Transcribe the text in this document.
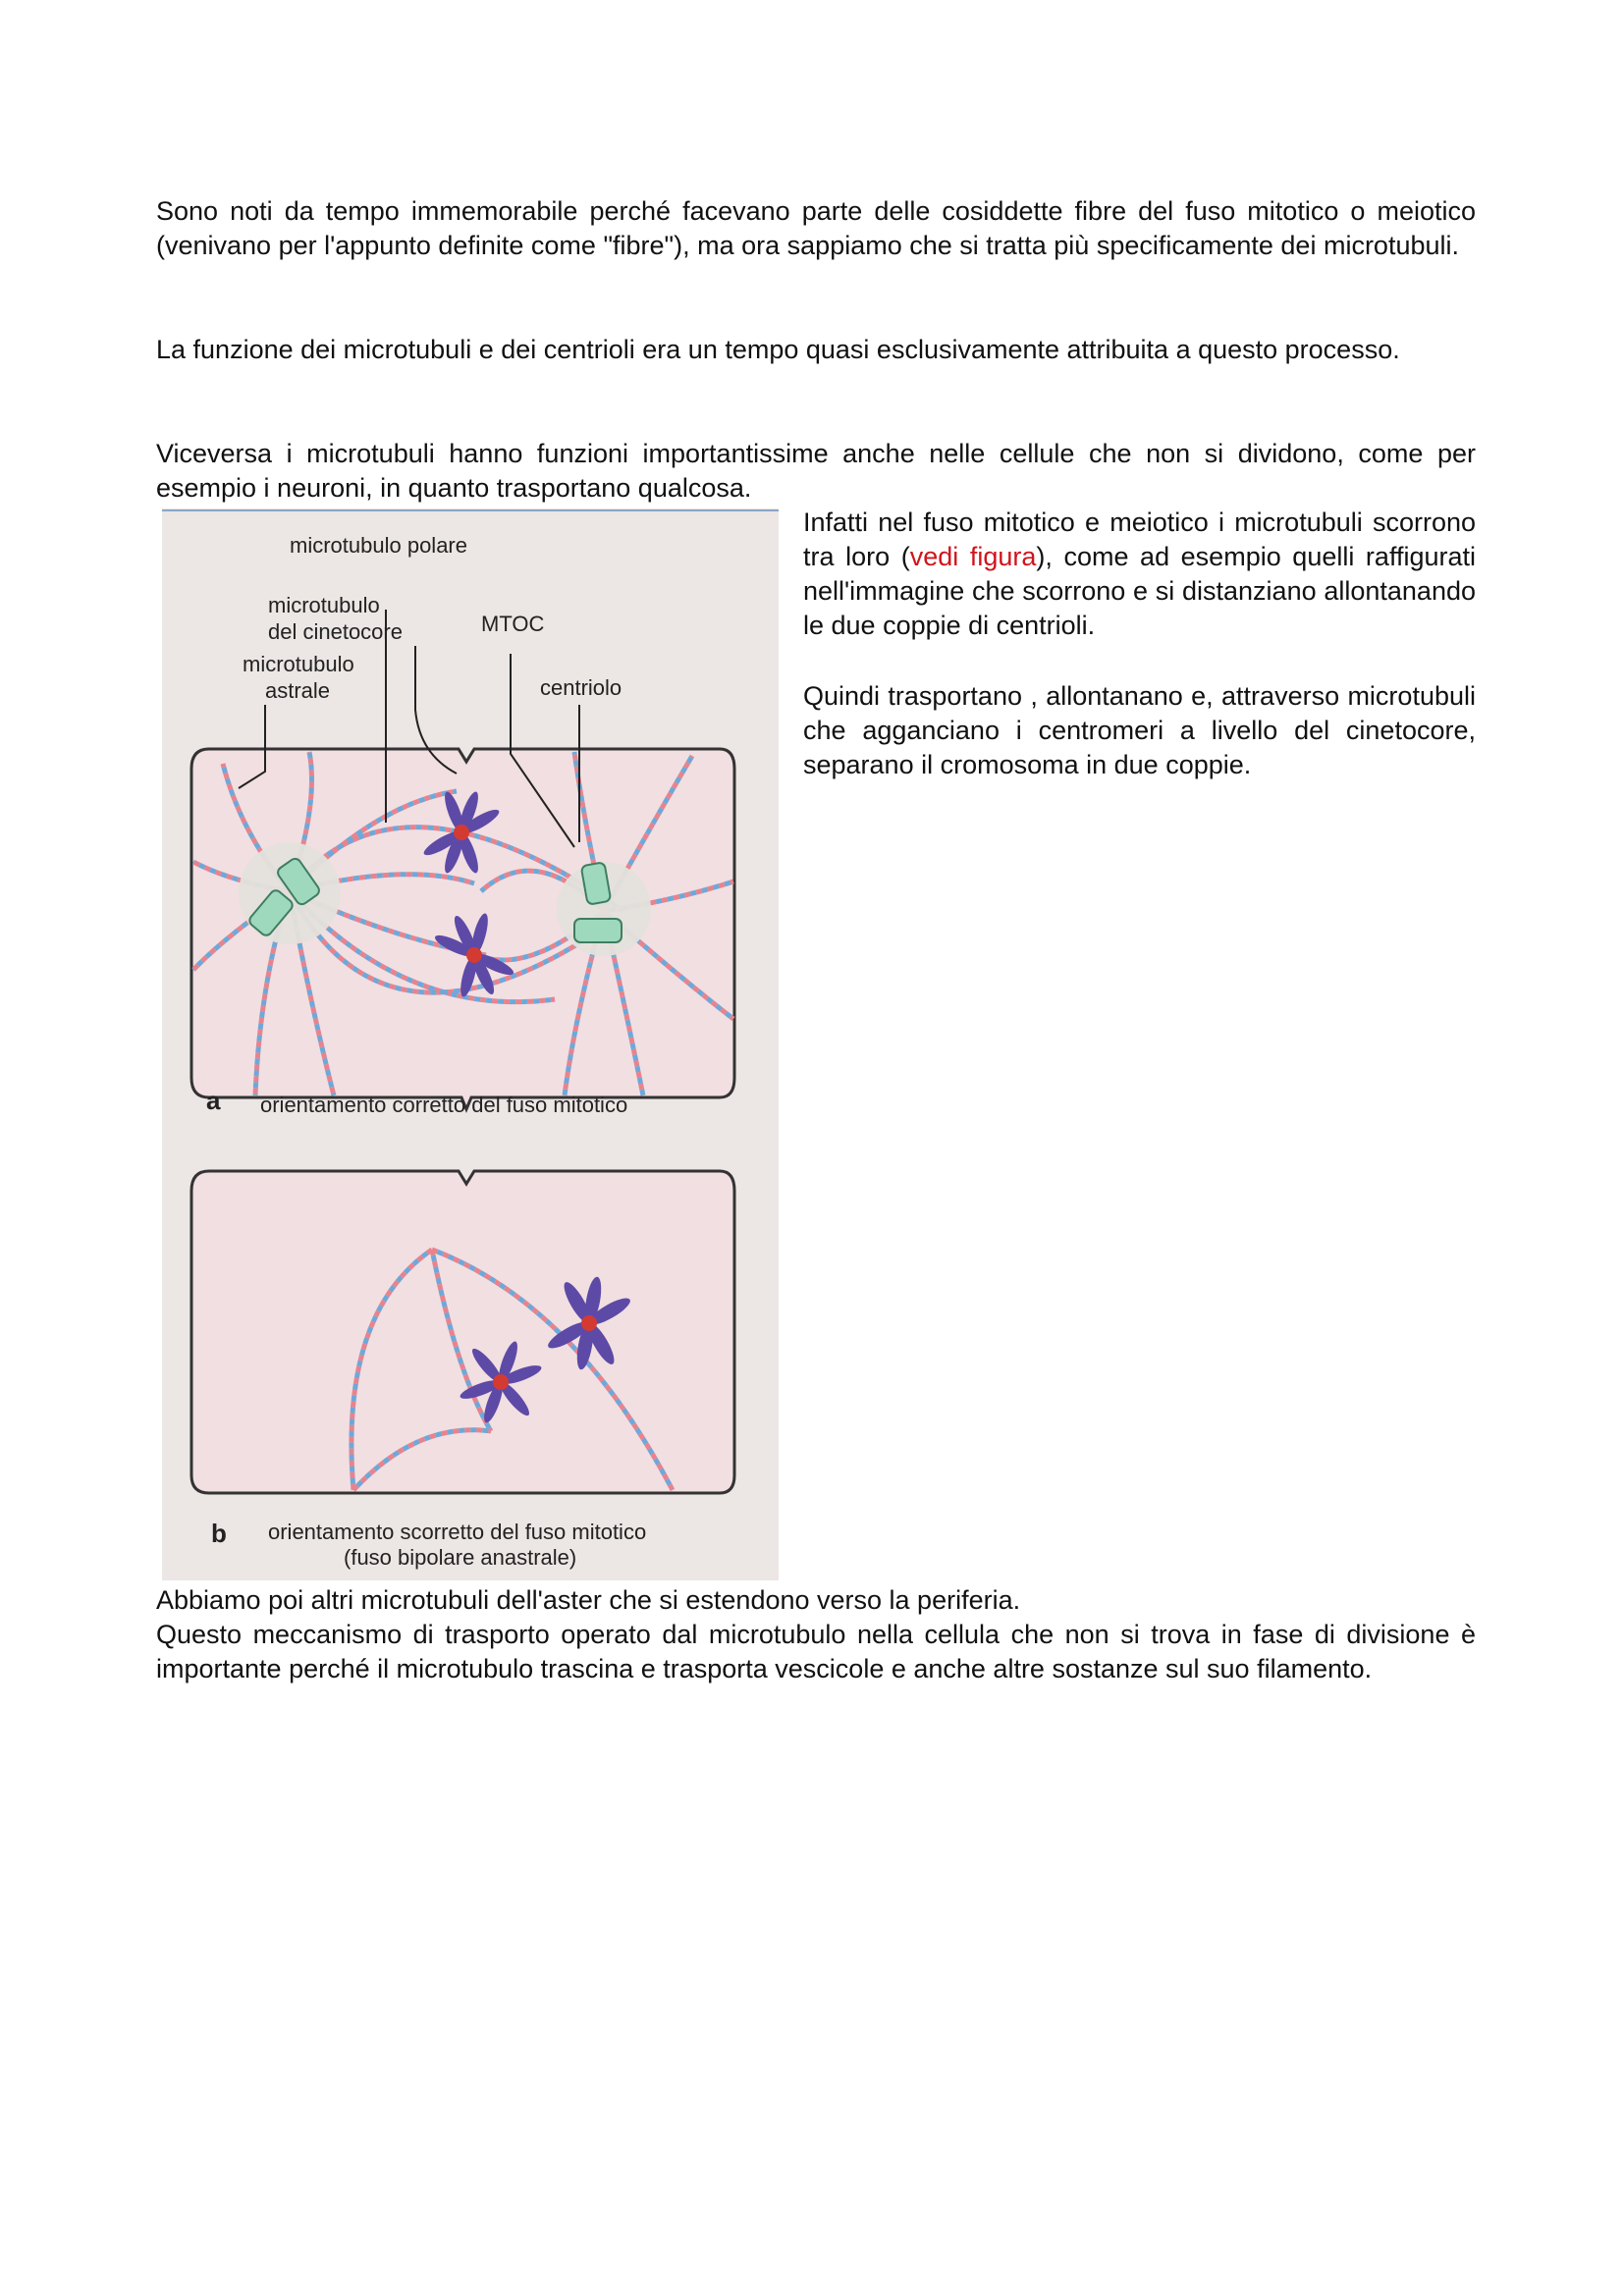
Sono noti da tempo immemorabile perché facevano parte delle cosiddette fibre del fuso mitotico o meiotico (venivano per l'appunto definite come "fibre"), ma ora sappiamo che si tratta più specificamente dei microtubuli.

La funzione dei microtubuli e dei centrioli era un tempo quasi esclusivamente attribuita a questo processo.

Viceversa i microtubuli hanno funzioni importantissime anche nelle cellule che non si dividono, come per esempio i neuroni, in quanto trasportano qualcosa.

Infatti nel fuso mitotico e meiotico i microtubuli scorrono tra loro (vedi figura), come ad esempio quelli raffigurati nell'immagine che scorrono e si distanziano allontanando le due coppie di centrioli.

Quindi trasportano , allontanano e, attraverso microtubuli che agganciano i centromeri a livello del cinetocore, separano il cromosoma in due coppie.

microtubulo polare
microtubulo
del cinetocore	MTOC
microtubulo
astrale	centriolo
a orientamento corretto del fuso mitotico
b orientamento scorretto del fuso mitotico
(fuso bipolare anastrale)

Abbiamo poi altri microtubuli dell'aster che si estendono verso la periferia.

Questo meccanismo di trasporto operato dal microtubulo nella cellula che non si trova in fase di divisione è importante perché il microtubulo trascina e trasporta vescicole e anche altre sostanze sul suo filamento.
